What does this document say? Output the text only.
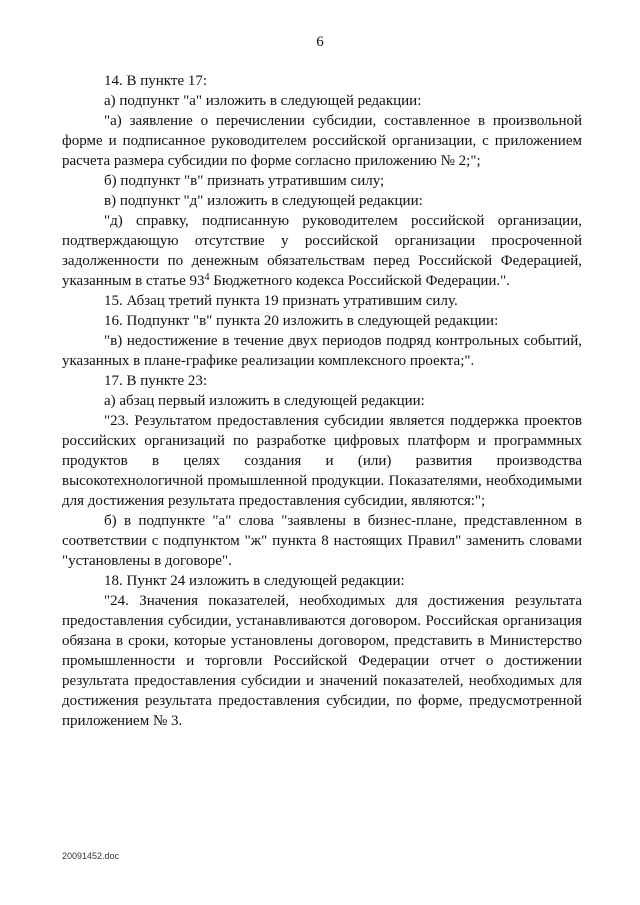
6

14. В пункте 17:

а) подпункт "а" изложить в следующей редакции:

"а) заявление о перечислении субсидии, составленное в произвольной форме и подписанное руководителем российской организации, с приложением расчета размера субсидии по форме согласно приложению № 2;";

б) подпункт "в" признать утратившим силу;

в) подпункт "д" изложить в следующей редакции:

"д) справку, подписанную руководителем российской организации, подтверждающую отсутствие у российской организации просроченной задолженности по денежным обязательствам перед Российской Федерацией, указанным в статье $93^4$ Бюджетного кодекса Российской Федерации.".

15. Абзац третий пункта 19 признать утратившим силу.

16. Подпункт "в" пункта 20 изложить в следующей редакции:

"в) недостижение в течение двух периодов подряд контрольных событий, указанных в плане-графике реализации комплексного проекта;".

17. В пункте 23:

а) абзац первый изложить в следующей редакции:

"23. Результатом предоставления субсидии является поддержка проектов российских организаций по разработке цифровых платформ и программных продуктов в целях создания и (или) развития производства высокотехнологичной промышленной продукции. Показателями, необходимыми для достижения результата предоставления субсидии, являются:";

б) в подпункте "а" слова "заявлены в бизнес-плане, представленном в соответствии с подпунктом "ж" пункта 8 настоящих Правил" заменить словами "установлены в договоре".

18. Пункт 24 изложить в следующей редакции:

"24. Значения показателей, необходимых для достижения результата предоставления субсидии, устанавливаются договором. Российская организация обязана в сроки, которые установлены договором, представить в Министерство промышленности и торговли Российской Федерации отчет о достижении результата предоставления субсидии и значений показателей, необходимых для достижения результата предоставления субсидии, по форме, предусмотренной приложением № 3.

20091452.doc
